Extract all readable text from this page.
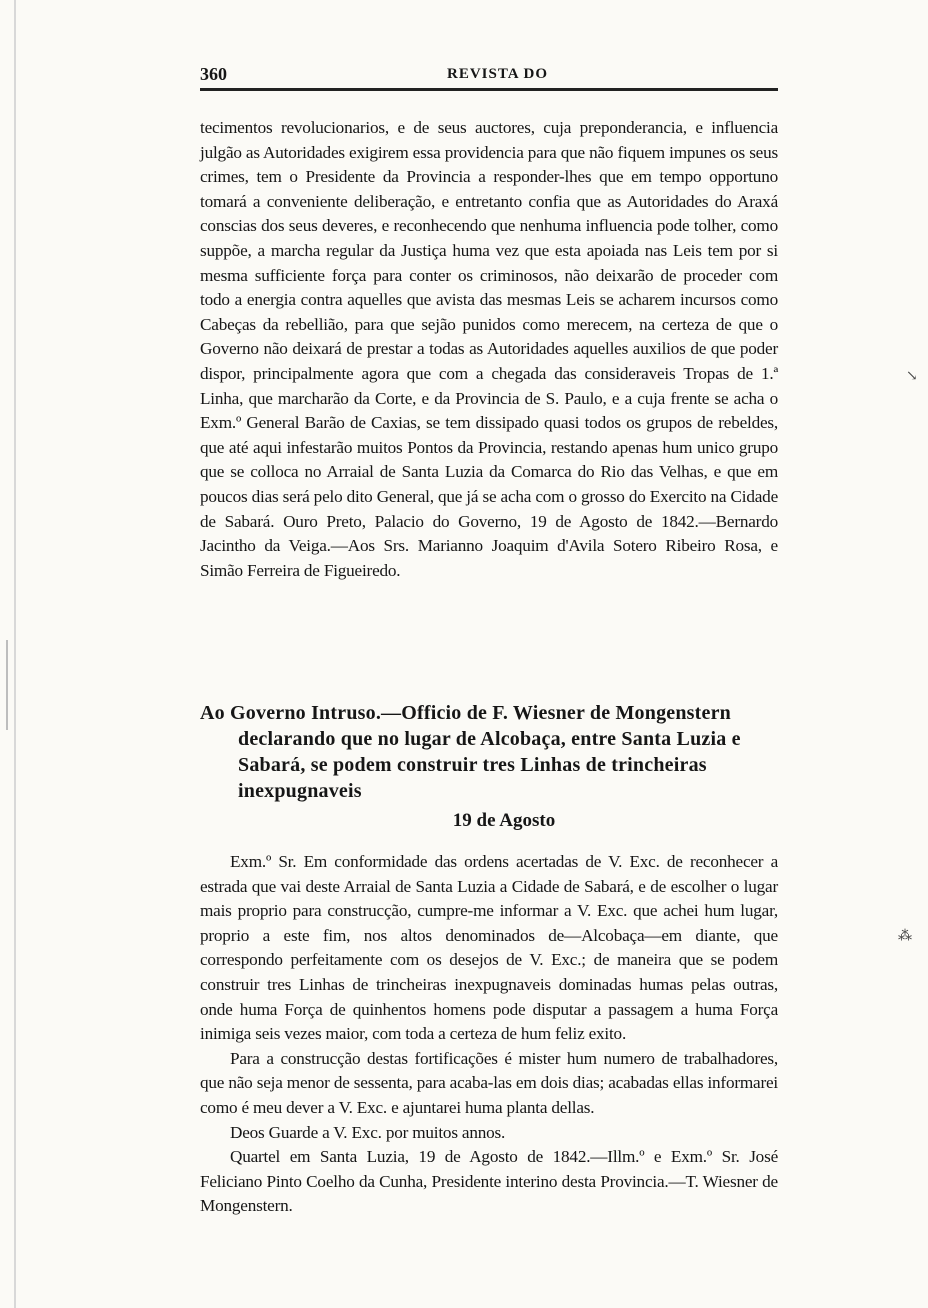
360	REVISTA DO

tecimentos revolucionarios, e de seus auctores, cuja preponderancia, e influencia julgão as Autoridades exigirem essa providencia para que não fiquem impunes os seus crimes, tem o Presidente da Provincia a responder-lhes que em tempo opportuno tomará a conveniente deliberação, e entretanto confia que as Autoridades do Araxá conscias dos seus deveres, e reconhecendo que nenhuma influencia pode tolher, como suppõe, a marcha regular da Justiça huma vez que esta apoiada nas Leis tem por si mesma sufficiente força para conter os criminosos, não deixarão de proceder com todo a energia contra aquelles que avista das mesmas Leis se acharem incursos como Cabeças da rebellião, para que sejão punidos como merecem, na certeza de que o Governo não deixará de prestar a todas as Autoridades aquelles auxilios de que poder dispor, principalmente agora que com a chegada das consideraveis Tropas de 1.ª Linha, que marcharão da Corte, e da Provincia de S. Paulo, e a cuja frente se acha o Exm.º General Barão de Caxias, se tem dissipado quasi todos os grupos de rebeldes, que até aqui infestarão muitos Pontos da Provincia, restando apenas hum unico grupo que se colloca no Arraial de Santa Luzia da Comarca do Rio das Velhas, e que em poucos dias será pelo dito General, que já se acha com o grosso do Exercito na Cidade de Sabará. Ouro Preto, Palacio do Governo, 19 de Agosto de 1842.—Bernardo Jacintho da Veiga.—Aos Srs. Marianno Joaquim d'Avila Sotero Ribeiro Rosa, e Simão Ferreira de Figueiredo.

Ao Governo Intruso.—Officio de F. Wiesner de Mongenstern declarando que no lugar de Alcobaça, entre Santa Luzia e Sabará, se podem construir tres Linhas de trincheiras inexpugnaveis
19 de Agosto

Exm.º Sr. Em conformidade das ordens acertadas de V. Exc. de reconhecer a estrada que vai deste Arraial de Santa Luzia a Cidade de Sabará, e de escolher o lugar mais proprio para construcção, cumpre-me informar a V. Exc. que achei hum lugar, proprio a este fim, nos altos denominados de—Alcobaça—em diante, que correspondo perfeitamente com os desejos de V. Exc.; de maneira que se podem construir tres Linhas de trincheiras inexpugnaveis dominadas humas pelas outras, onde huma Força de quinhentos homens pode disputar a passagem a huma Força inimiga seis vezes maior, com toda a certeza de hum feliz exito.

Para a construcção destas fortificações é mister hum numero de trabalhadores, que não seja menor de sessenta, para acaba-las em dois dias; acabadas ellas informarei como é meu dever a V. Exc. e ajuntarei huma planta dellas.

Deos Guarde a V. Exc. por muitos annos.

Quartel em Santa Luzia, 19 de Agosto de 1842.—Illm.º e Exm.º Sr. José Feliciano Pinto Coelho da Cunha, Presidente interino desta Provincia.—T. Wiesner de Mongenstern.

↘
⁂
